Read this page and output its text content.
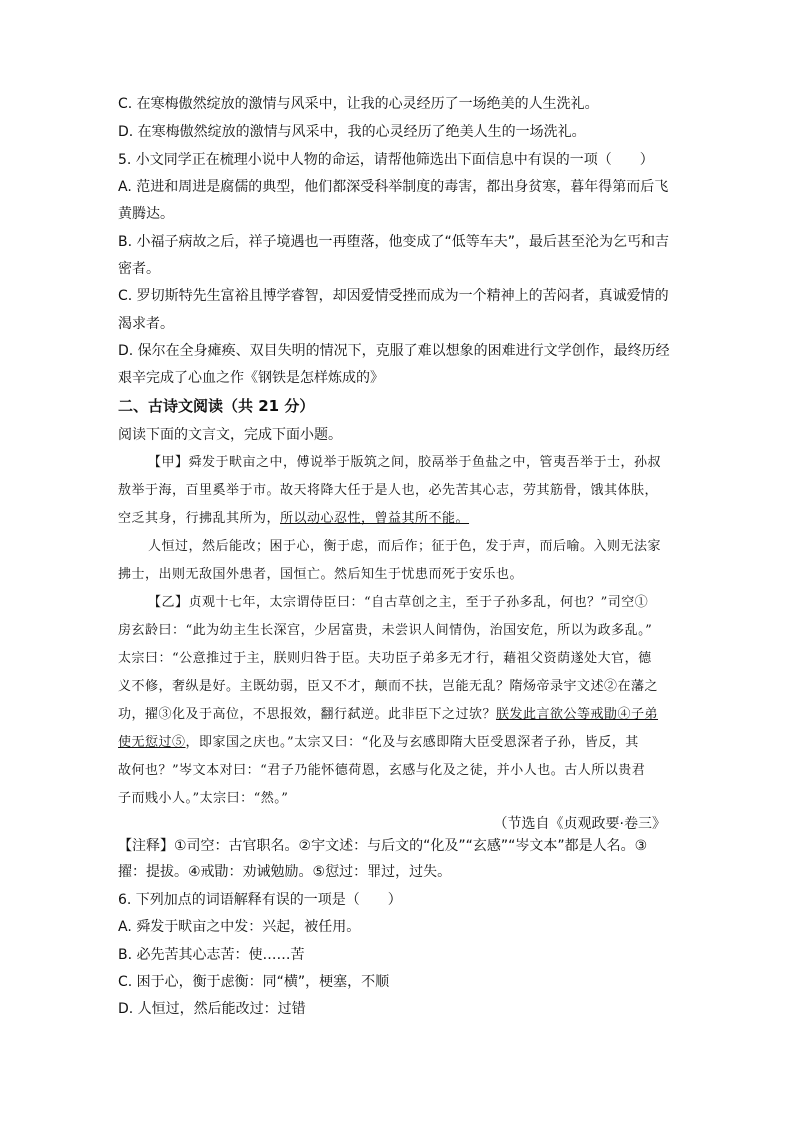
C. 在寒梅傲然绽放的激情与风采中，让我的心灵经历了一场绝美的人生洗礼。
D. 在寒梅傲然绽放的激情与风采中，我的心灵经历了绝美人生的一场洗礼。
5. 小文同学正在梳理小说中人物的命运，请帮他筛选出下面信息中有误的一项（　　）
A. 范进和周进是腐儒的典型，他们都深受科举制度的毒害，都出身贫寒，暮年得第而后飞
黄腾达。
B. 小福子病故之后，祥子境遇也一再堕落，他变成了“低等车夫”，最后甚至沦为乞丐和吉
密者。
C. 罗切斯特先生富裕且博学睿智，却因爱情受挫而成为一个精神上的苦闷者，真诚爱情的
渴求者。
D. 保尔在全身瘫痪、双目失明的情况下，克服了难以想象的困难进行文学创作，最终历经
艰辛完成了心血之作《钢铁是怎样炼成的》
二、古诗文阅读（共 21 分）
阅读下面的文言文，完成下面小题。
【甲】舜发于畎亩之中，傅说举于版筑之间，胶鬲举于鱼盐之中，管夷吾举于士，孙叔
敖举于海，百里奚举于市。故天将降大任于是人也，必先苦其心志，劳其筋骨，饿其体肤，
空乏其身，行拂乱其所为，所以动心忍性，曾益其所不能。
人恒过，然后能改；困于心，衡于虑，而后作；征于色，发于声，而后喻。入则无法家
拂士，出则无敌国外患者，国恒亡。然后知生于忧患而死于安乐也。
【乙】贞观十七年，太宗谓侍臣曰：“自古草创之主，至于子孙多乱，何也？”司空①
房玄龄曰：“此为幼主生长深宫，少居富贵，未尝识人间情伪，治国安危，所以为政多乱。”
太宗曰：“公意推过于主，朕则归咎于臣。夫功臣子弟多无才行，藉祖父资荫遂处大官，德
义不修，奢纵是好。主既幼弱，臣又不才，颠而不扶，岂能无乱？隋炀帝录宇文述②在藩之
功，擢③化及于高位，不思报效，翻行弑逆。此非臣下之过欤？朕发此言欲公等戒勖④子弟
使无愆过⑤，即家国之庆也。”太宗又曰：“化及与玄感即隋大臣受恩深者子孙，皆反，其
故何也？”岑文本对曰：“君子乃能怀德荷恩，玄感与化及之徒，并小人也。古人所以贵君
子而贱小人。”太宗曰：“然。”
（节选自《贞观政要·卷三》
【注释】①司空：古官职名。②宇文述：与后文的“化及”“玄感”“岑文本”都是人名。③
擢：提拔。④戒勖：劝诫勉励。⑤愆过：罪过，过失。
6. 下列加点的词语解释有误的一项是（　　）
A. 舜发于畎亩之中发：兴起，被任用。
B. 必先苦其心志苦：使……苦
C. 困于心，衡于虑衡：同“横”，梗塞，不顺
D. 人恒过，然后能改过：过错
